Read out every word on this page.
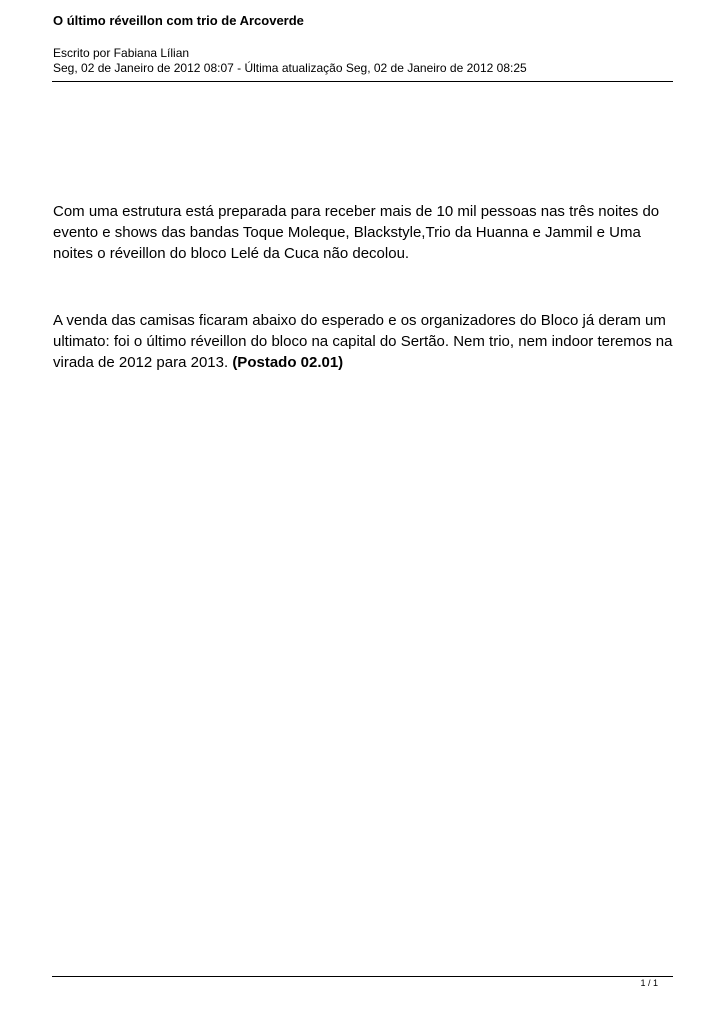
O último réveillon com trio de Arcoverde
Escrito por Fabiana Lílian
Seg, 02 de Janeiro de 2012 08:07 - Última atualização Seg, 02 de Janeiro de 2012 08:25
Com uma estrutura está preparada para receber mais de 10 mil pessoas nas três noites do evento e shows das bandas Toque Moleque, Blackstyle,Trio da Huanna e Jammil e Uma noites o réveillon do bloco Lelé da Cuca não decolou.
A venda das camisas ficaram abaixo do esperado e os organizadores do Bloco já deram um ultimato: foi o último réveillon do bloco na capital do Sertão. Nem trio, nem indoor teremos na virada de 2012 para 2013. (Postado 02.01)
1 / 1
